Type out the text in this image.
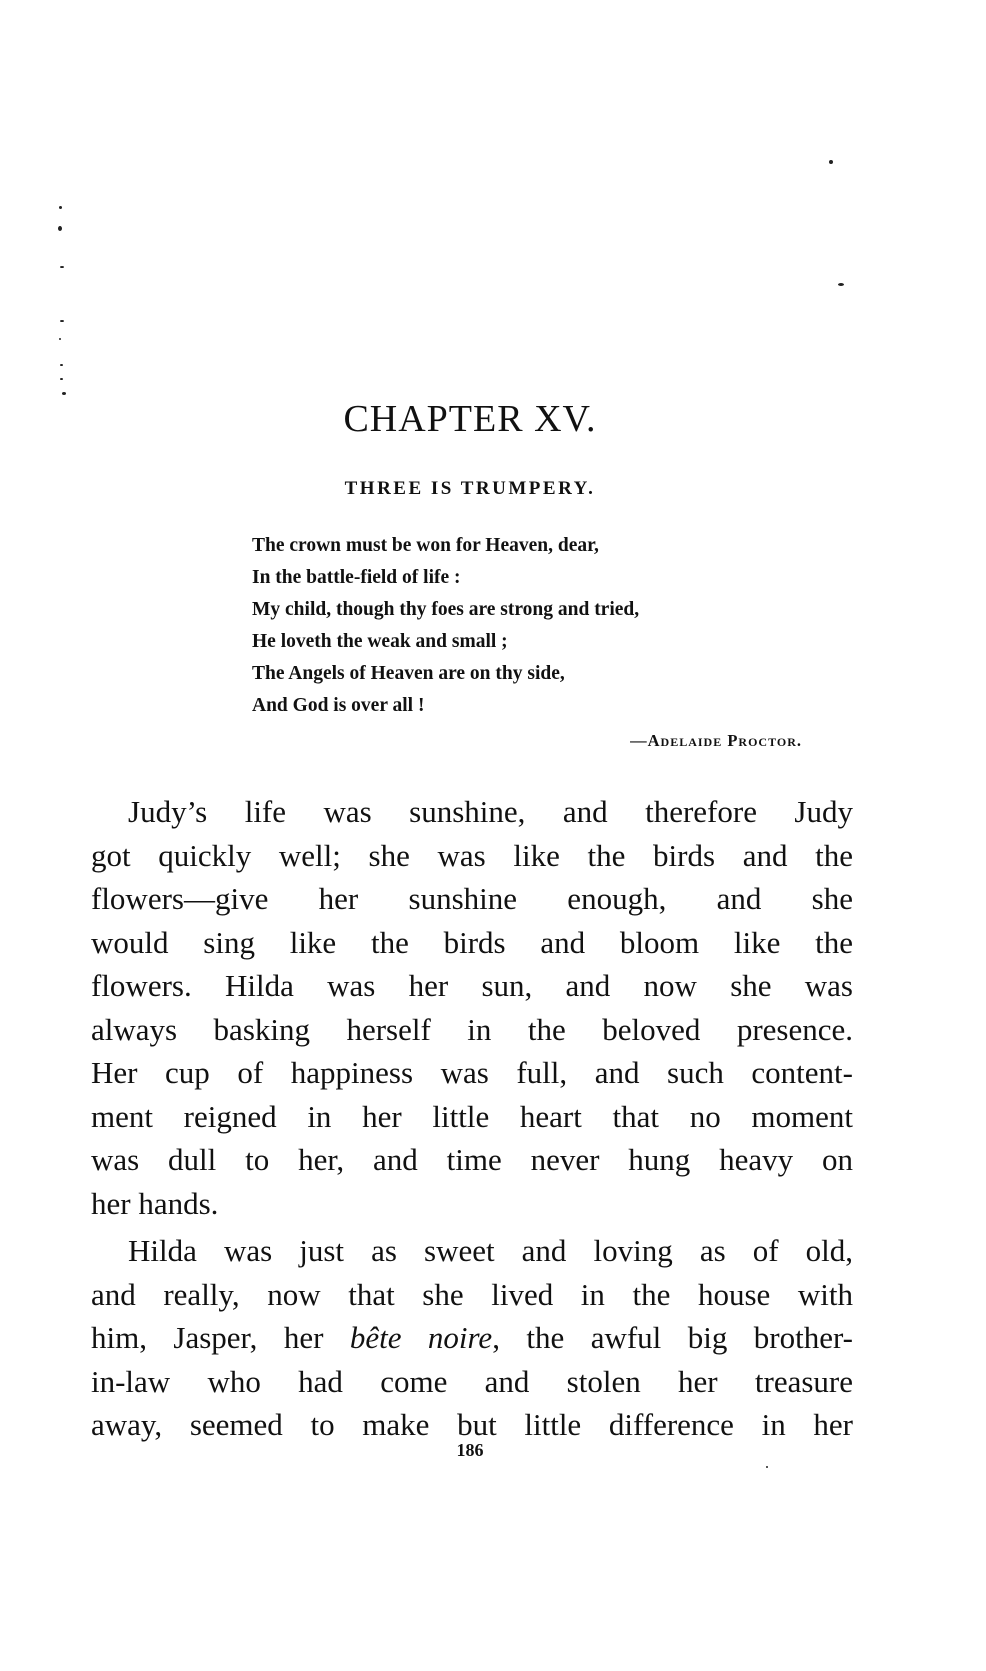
CHAPTER XV.
THREE IS TRUMPERY.
The crown must be won for Heaven, dear,
In the battle-field of life :
My child, though thy foes are strong and tried,
He loveth the weak and small ;
The Angels of Heaven are on thy side,
And God is over all !
—Adelaide Proctor.
Judy’s life was sunshine, and therefore Judy
got quickly well; she was like the birds and the
flowers—give her sunshine enough, and she
would sing like the birds and bloom like the
flowers. Hilda was her sun, and now she was
always basking herself in the beloved presence.
Her cup of happiness was full, and such content-
ment reigned in her little heart that no moment
was dull to her, and time never hung heavy on
her hands.
Hilda was just as sweet and loving as of old,
and really, now that she lived in the house with
him, Jasper, her bête noire, the awful big brother-
in-law who had come and stolen her treasure
away, seemed to make but little difference in her
186
